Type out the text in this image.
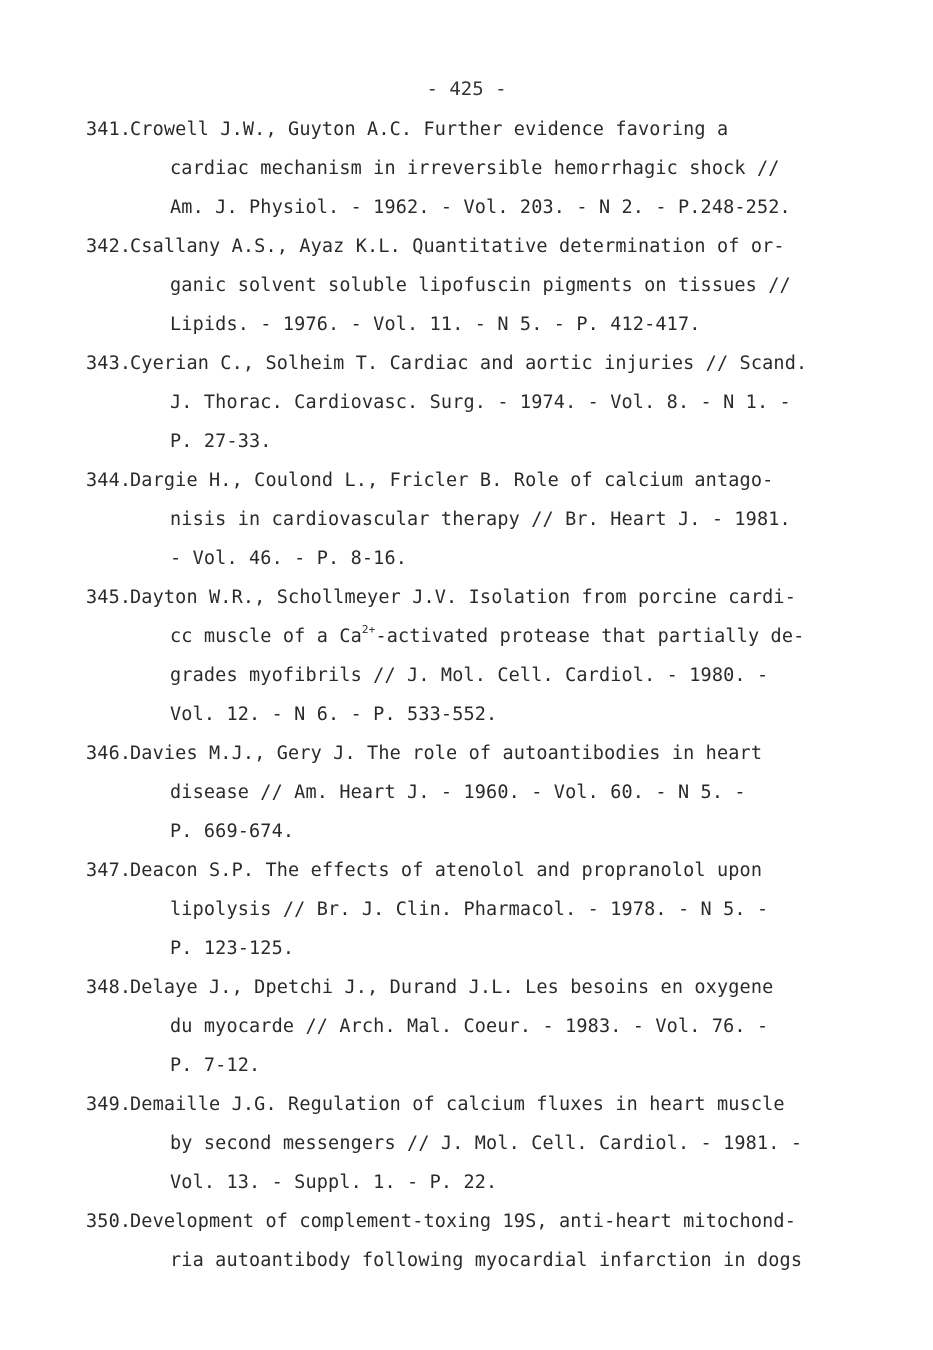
- 425 -
341.Crowell J.W., Guyton A.C. Further evidence favoring a
cardiac mechanism in irreversible hemorrhagic shock //
Am. J. Physiol. - 1962. - Vol. 203. - N 2. - P.248-252.
342.Csallany A.S., Ayaz K.L. Quantitative determination of or-
ganic solvent soluble lipofuscin pigments on tissues //
Lipids. - 1976. - Vol. 11. - N 5. - P. 412-417.
343.Cyerian C., Solheim T. Cardiac and aortic injuries // Scand.
J. Thorac. Cardiovasc. Surg. - 1974. - Vol. 8. - N 1. -
P. 27-33.
344.Dargie H., Coulond L., Fricler B. Role of calcium antago-
nisis in cardiovascular therapy // Br. Heart J. - 1981.
- Vol. 46. - P. 8-16.
345.Dayton W.R., Schollmeyer J.V. Isolation from porcine cardi-
cc muscle of a $Ca^{2+}$-activated protease that partially de-
grades myofibrils // J. Mol. Cell. Cardiol. - 1980. -
Vol. 12. - N 6. - P. 533-552.
346.Davies M.J., Gery J. The role of autoantibodies in heart
disease // Am. Heart J. - 1960. - Vol. 60. - N 5. -
P. 669-674.
347.Deacon S.P. The effects of atenolol and propranolol upon
lipolysis // Br. J. Clin. Pharmacol. - 1978. - N 5. -
P. 123-125.
348.Delaye J., Dpetchi J., Durand J.L. Les besoins en oxygene
du myocarde // Arch. Mal. Coeur. - 1983. - Vol. 76. -
P. 7-12.
349.Demaille J.G. Regulation of calcium fluxes in heart muscle
by second messengers // J. Mol. Cell. Cardiol. - 1981. -
Vol. 13. - Suppl. 1. - P. 22.
350.Development of complement-toxing 19S, anti-heart mitochond-
ria autoantibody following myocardial infarction in dogs
